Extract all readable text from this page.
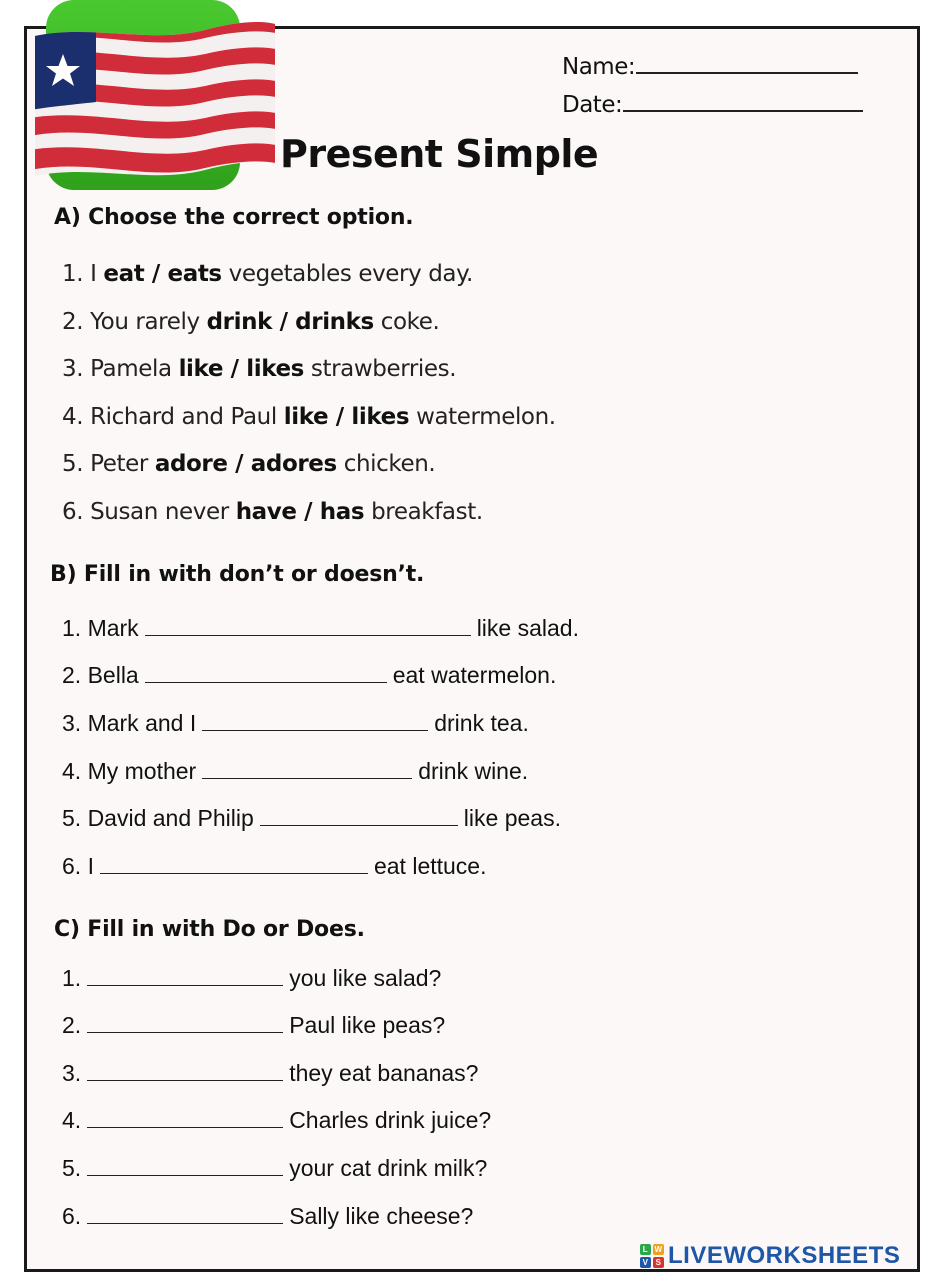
Name:
Date:
Present Simple
A) Choose the correct option.
1. I eat / eats vegetables every day.
2. You rarely drink / drinks coke.
3. Pamela like / likes strawberries.
4. Richard and Paul like / likes watermelon.
5. Peter adore / adores chicken.
6. Susan never have / has breakfast.
B) Fill in with don’t or doesn’t.
1. Mark	like salad.
2. Bella	eat watermelon.
3. Mark and I	drink tea.
4. My mother	drink wine.
5. David and Philip	like peas.
6. I	eat lettuce.
C) Fill in with Do or Does.
1.	you like salad?
2.	Paul like peas?
3.	they eat bananas?
4.	Charles drink juice?
5.	your cat drink milk?
6.	Sally like cheese?
L W
V S LIVEWORKSHEETS
